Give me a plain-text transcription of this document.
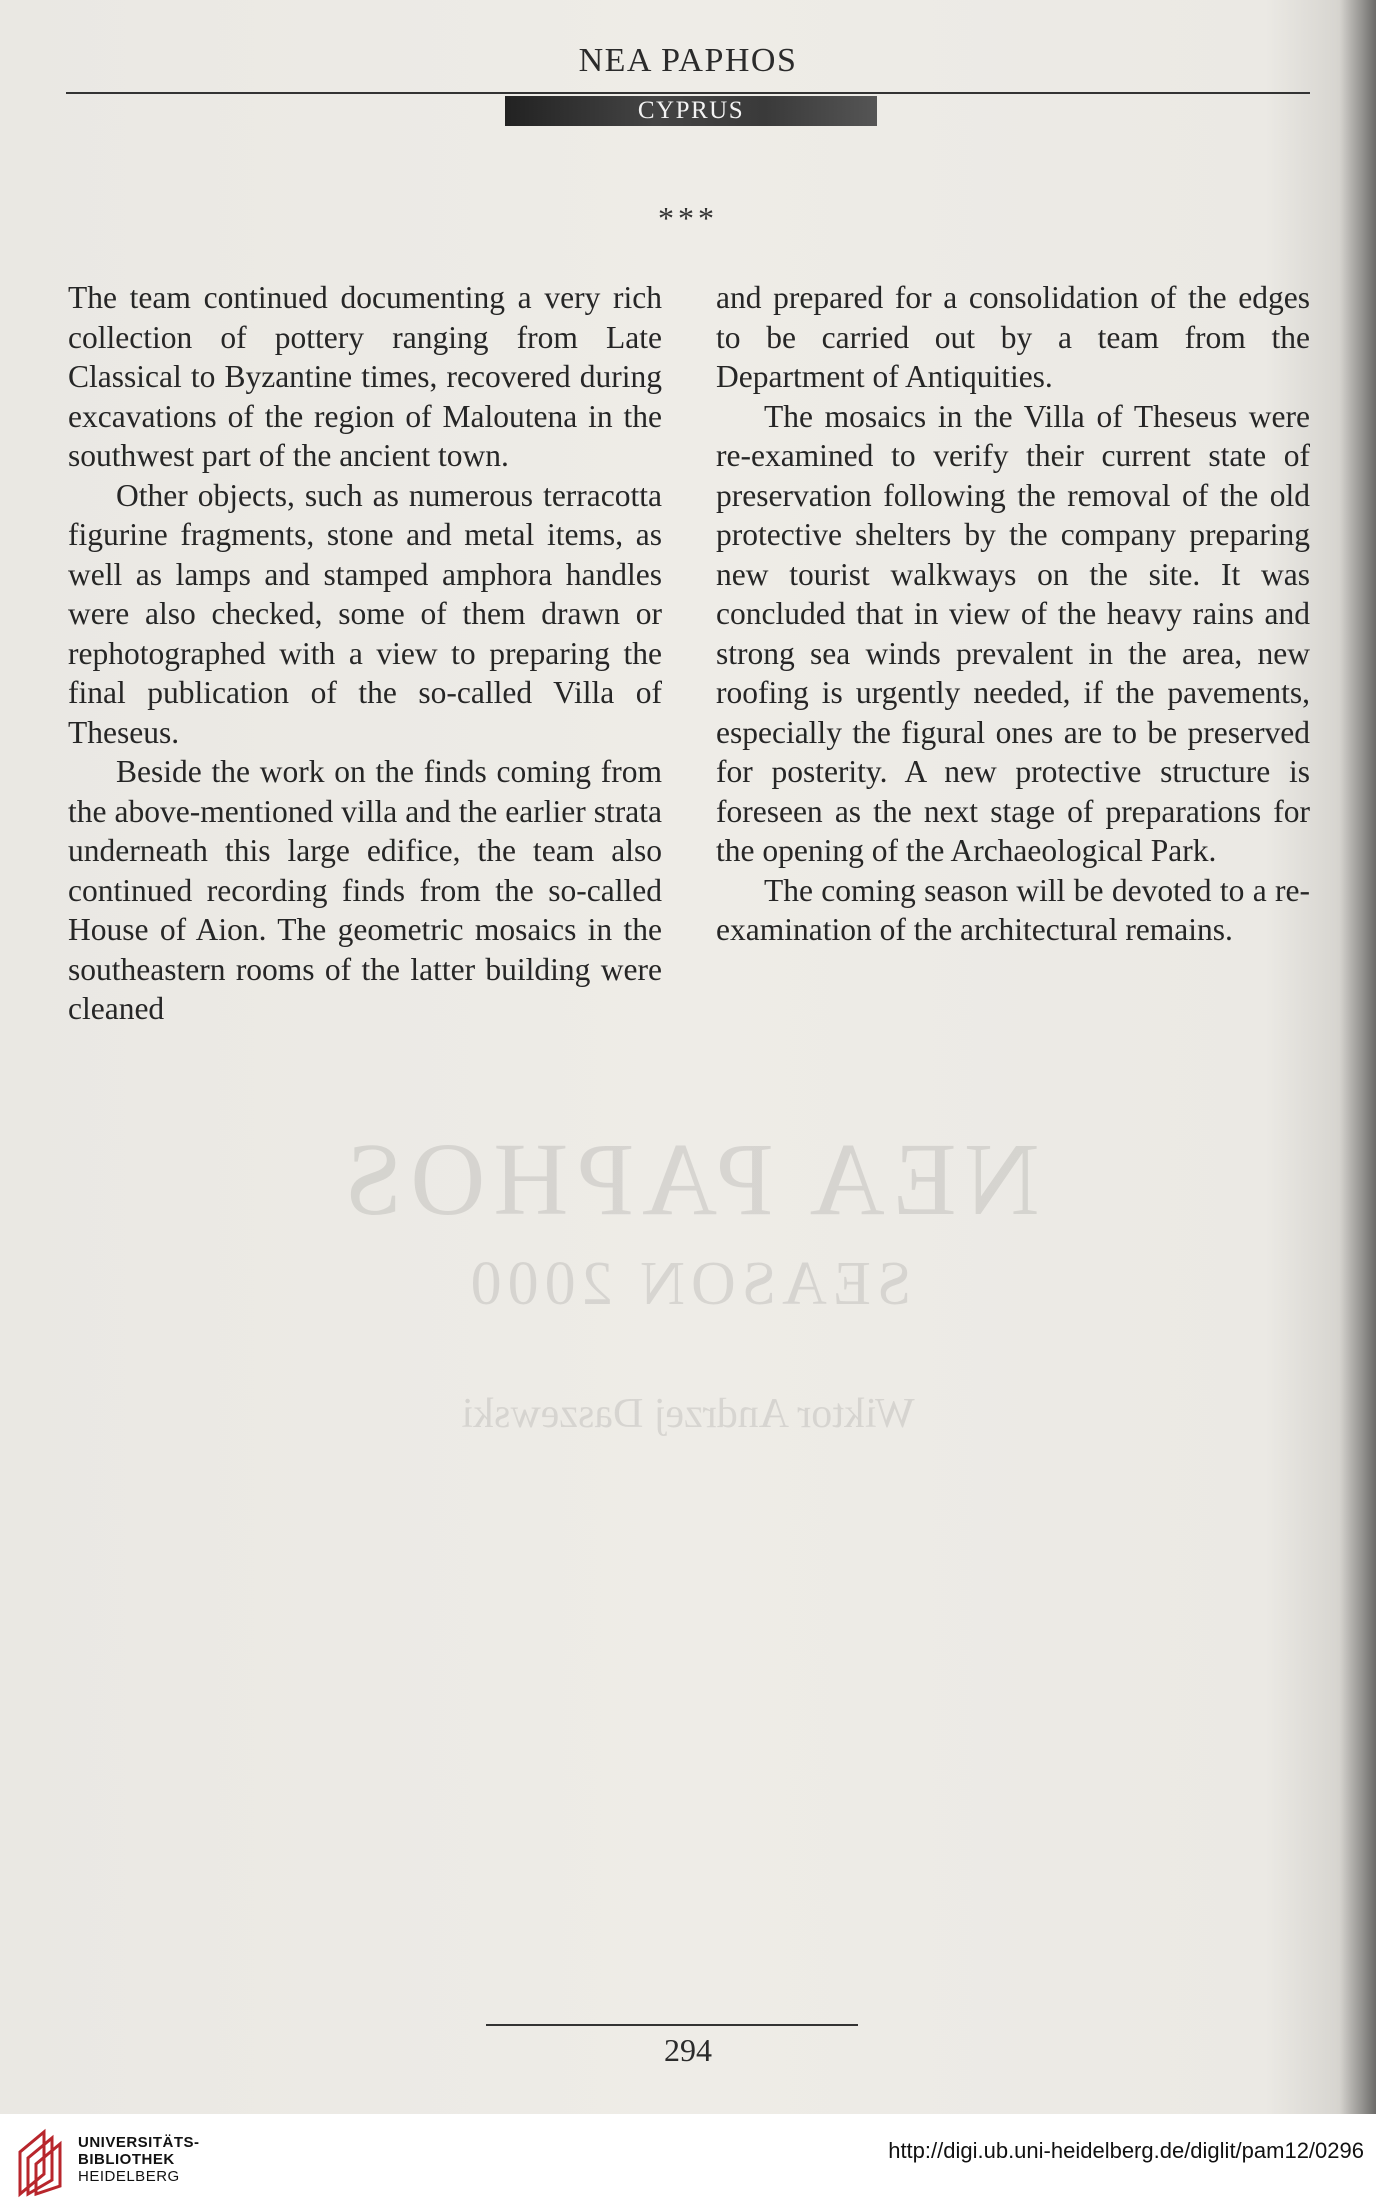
NEA PAPHOS
CYPRUS
***

The team continued documenting a very rich collection of pottery ranging from Late Classical to Byzantine times, recovered during excavations of the region of Maloutena in the southwest part of the ancient town.

Other objects, such as numerous terracotta figurine fragments, stone and metal items, as well as lamps and stamped amphora handles were also checked, some of them drawn or rephotographed with a view to preparing the final publication of the so-called Villa of Theseus.

Beside the work on the finds coming from the above-mentioned villa and the earlier strata underneath this large edifice, the team also continued recording finds from the so-called House of Aion. The geometric mosaics in the southeastern rooms of the latter building were cleaned

and prepared for a consolidation of the edges to be carried out by a team from the Department of Antiquities.

The mosaics in the Villa of Theseus were re-examined to verify their current state of preservation following the removal of the old protective shelters by the company preparing new tourist walkways on the site. It was concluded that in view of the heavy rains and strong sea winds prevalent in the area, new roofing is urgently needed, if the pavements, especially the figural ones are to be preserved for posterity. A new protective structure is foreseen as the next stage of preparations for the opening of the Archaeological Park.

The coming season will be devoted to a re-examination of the architectural remains.

NEA PAPHOS
SEASON 2000
Wiktor Andrzej Daszewski
294
UNIVERSITÄTS-
BIBLIOTHEK
HEIDELBERG
http://digi.ub.uni-heidelberg.de/diglit/pam12/0296
